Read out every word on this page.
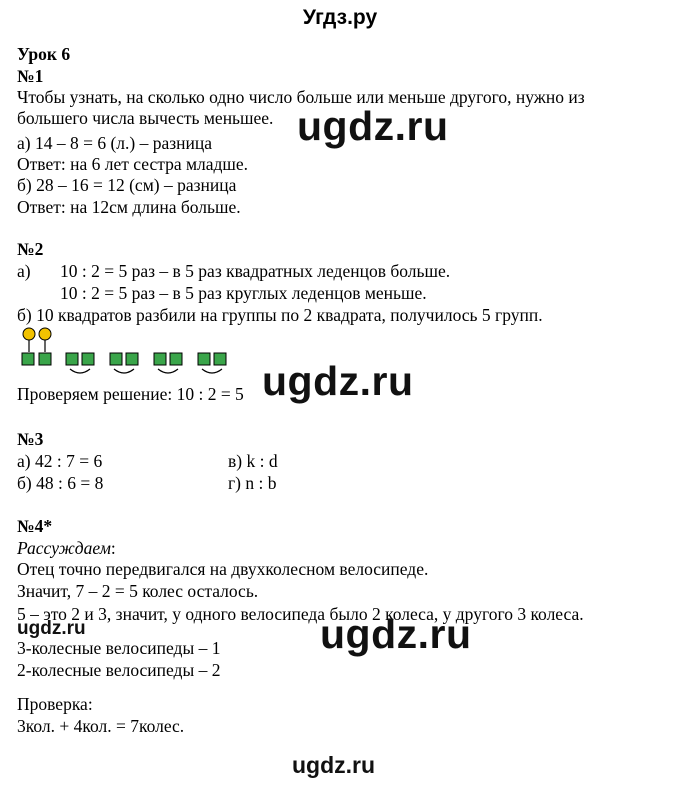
Угдз.ру
Урок 6
№1
Чтобы узнать, на сколько одно число больше или меньше другого, нужно из
большего числа вычесть меньшее.
а) 14 – 8 = 6 (л.) – разница
Ответ: на 6 лет сестра младше.
б) 28 – 16 = 12 (см) – разница
Ответ: на 12см длина больше.
№2
а) 10 : 2 = 5 раз – в 5 раз квадратных леденцов больше.
10 : 2 = 5 раз – в 5 раз круглых леденцов меньше.
б) 10 квадратов разбили на группы по 2 квадрата, получилось 5 групп.
Проверяем решение: 10 : 2 = 5
№3
а) 42 : 7 = 6
б) 48 : 6 = 8
в) k : d
г) n : b
№4*
Рассуждаем:
Отец точно передвигался на двухколесном велосипеде.
Значит, 7 – 2 = 5 колес осталось.
5 – это 2 и 3, значит, у одного велосипеда было 2 колеса, у другого 3 колеса.
3-колесные велосипеды – 1
2-колесные велосипеды – 2
Проверка:
3кол. + 4кол. = 7колес.
ugdz.ru
ugdz.ru
ugdz.ru
ugdz.ru
ugdz.ru
